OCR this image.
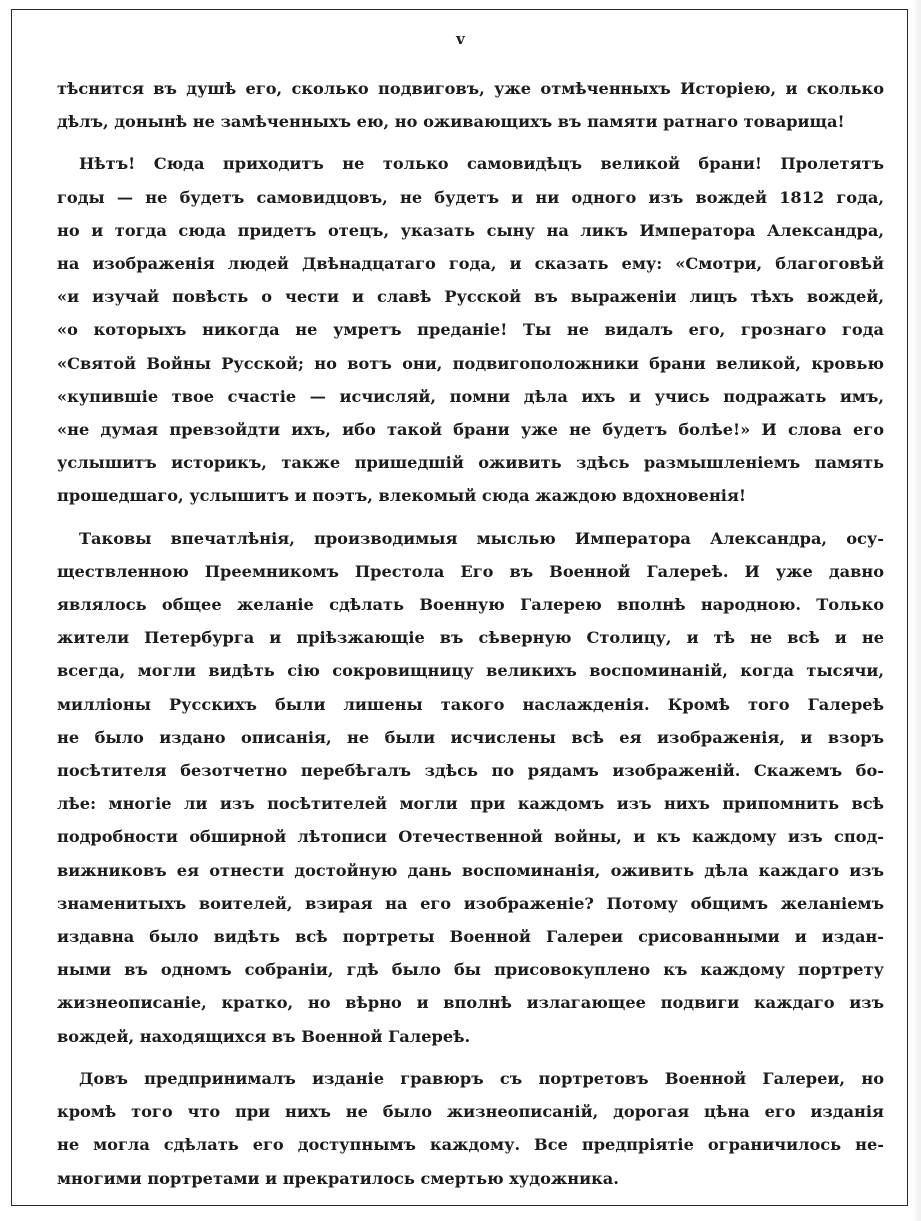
v
тѣснится въ душѣ его, сколько подвиговъ, уже отмѣченныхъ Исторіею, и сколько
дѣлъ, донынѣ не замѣченныхъ ею, но оживающихъ въ памяти ратнаго товарища!
Нѣтъ! Сюда приходитъ не только самовидѣцъ великой брани! Пролетятъ
годы — не будетъ самовидцовъ, не будетъ и ни одного изъ вождей 1812 года,
но и тогда сюда придетъ отецъ, указать сыну на ликъ Императора Александра,
на изображенія людей Двѣнадцатаго года, и сказать ему: «Смотри, благоговѣй
«и изучай повѣсть о чести и славѣ Русской въ выраженіи лицъ тѣхъ вождей,
«о которыхъ никогда не умретъ преданіе! Ты не видалъ его, грознаго года
«Святой Войны Русской; но вотъ они, подвигоположники брани великой, кровью
«купившіе твое счастіе — исчисляй, помни дѣла ихъ и учись подражать имъ,
«не думая превзойдти ихъ, ибо такой брани уже не будетъ болѣе!» И слова его
услышитъ историкъ, также пришедшій оживить здѣсь размышленіемъ память
прошедшаго, услышитъ и поэтъ, влекомый сюда жаждою вдохновенія!
Таковы впечатлѣнія, производимыя мыслью Императора Александра, осу-
ществленною Преемникомъ Престола Его въ Военной Галереѣ. И уже давно
являлось общее желаніе сдѣлать Военную Галерею вполнѣ народною. Только
жители Петербурга и пріѣзжающіе въ сѣверную Столицу, и тѣ не всѣ и не
всегда, могли видѣть сію сокровищницу великихъ воспоминаній, когда тысячи,
милліоны Русскихъ были лишены такого наслажденія. Кромѣ того Галереѣ
не было издано описанія, не были исчислены всѣ ея изображенія, и взоръ
посѣтителя безотчетно перебѣгалъ здѣсь по рядамъ изображеній. Скажемъ бо-
лѣе: многіе ли изъ посѣтителей могли при каждомъ изъ нихъ припомнить всѣ
подробности обширной лѣтописи Отечественной войны, и къ каждому изъ спод-
вижниковъ ея отнести достойную дань воспоминанія, оживить дѣла каждаго изъ
знаменитыхъ воителей, взирая на его изображеніе? Потому общимъ желаніемъ
издавна было видѣть всѣ портреты Военной Галереи срисованными и издан-
ными въ одномъ собраніи, гдѣ было бы присовокуплено къ каждому портрету
жизнеописаніе, кратко, но вѣрно и вполнѣ излагающее подвиги каждаго изъ
вождей, находящихся въ Военной Галереѣ.
Довъ предпринималъ изданіе гравюръ съ портретовъ Военной Галереи, но
кромѣ того что при нихъ не было жизнеописаній, дорогая цѣна его изданія
не могла сдѣлать его доступнымъ каждому. Все предпріятіе ограничилось не-
многими портретами и прекратилось смертью художника.
